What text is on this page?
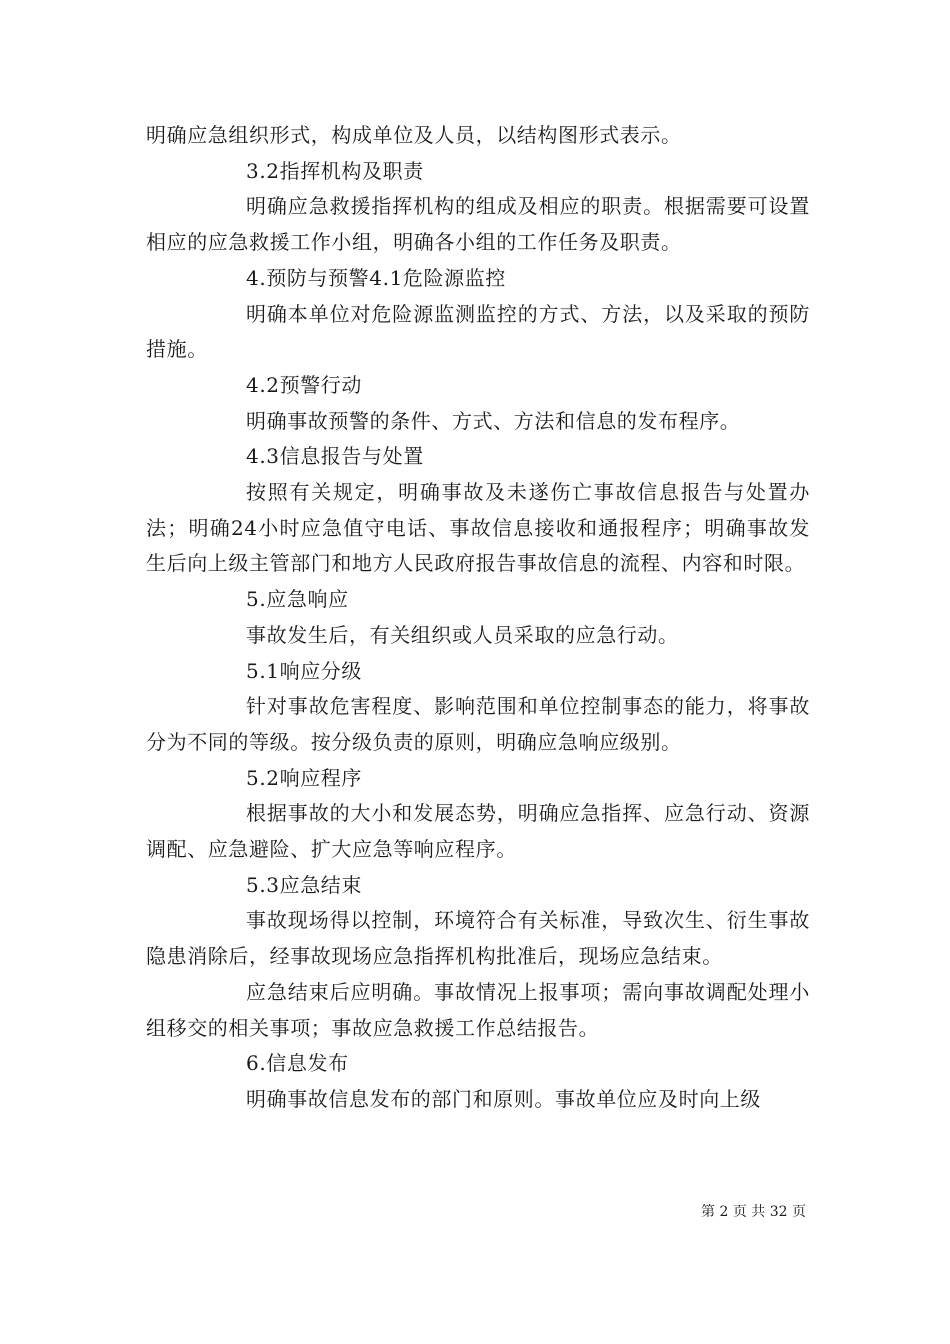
明确应急组织形式，构成单位及人员，以结构图形式表示。

3.2指挥机构及职责

明确应急救援指挥机构的组成及相应的职责。根据需要可设置相应的应急救援工作小组，明确各小组的工作任务及职责。

4.预防与预警4.1危险源监控

明确本单位对危险源监测监控的方式、方法，以及采取的预防措施。

4.2预警行动

明确事故预警的条件、方式、方法和信息的发布程序。

4.3信息报告与处置

按照有关规定，明确事故及未遂伤亡事故信息报告与处置办法；明确24小时应急值守电话、事故信息接收和通报程序；明确事故发生后向上级主管部门和地方人民政府报告事故信息的流程、内容和时限。

5.应急响应

事故发生后，有关组织或人员采取的应急行动。

5.1响应分级

针对事故危害程度、影响范围和单位控制事态的能力，将事故分为不同的等级。按分级负责的原则，明确应急响应级别。

5.2响应程序

根据事故的大小和发展态势，明确应急指挥、应急行动、资源调配、应急避险、扩大应急等响应程序。

5.3应急结束

事故现场得以控制，环境符合有关标准，导致次生、衍生事故隐患消除后，经事故现场应急指挥机构批准后，现场应急结束。

应急结束后应明确。事故情况上报事项；需向事故调配处理小组移交的相关事项；事故应急救援工作总结报告。

6.信息发布

明确事故信息发布的部门和原则。事故单位应及时向上级

第 2 页 共 32 页
